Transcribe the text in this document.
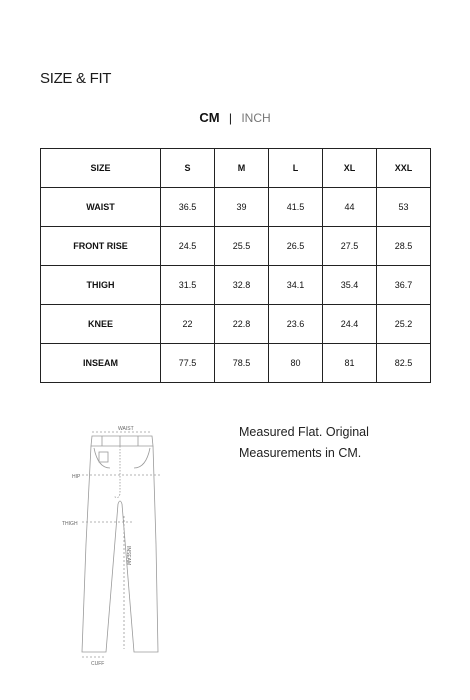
SIZE & FIT
CM | INCH
SIZE	S	M	L	XL	XXL
WAIST	36.5	39	41.5	44	53
FRONT RISE	24.5	25.5	26.5	27.5	28.5
THIGH	31.5	32.8	34.1	35.4	36.7
KNEE	22	22.8	23.6	24.4	25.2
INSEAM	77.5	78.5	80	81	82.5
WAIST
HIP
THIGH
INSEAM
CUFF
Measured Flat. Original
Measurements in CM.
